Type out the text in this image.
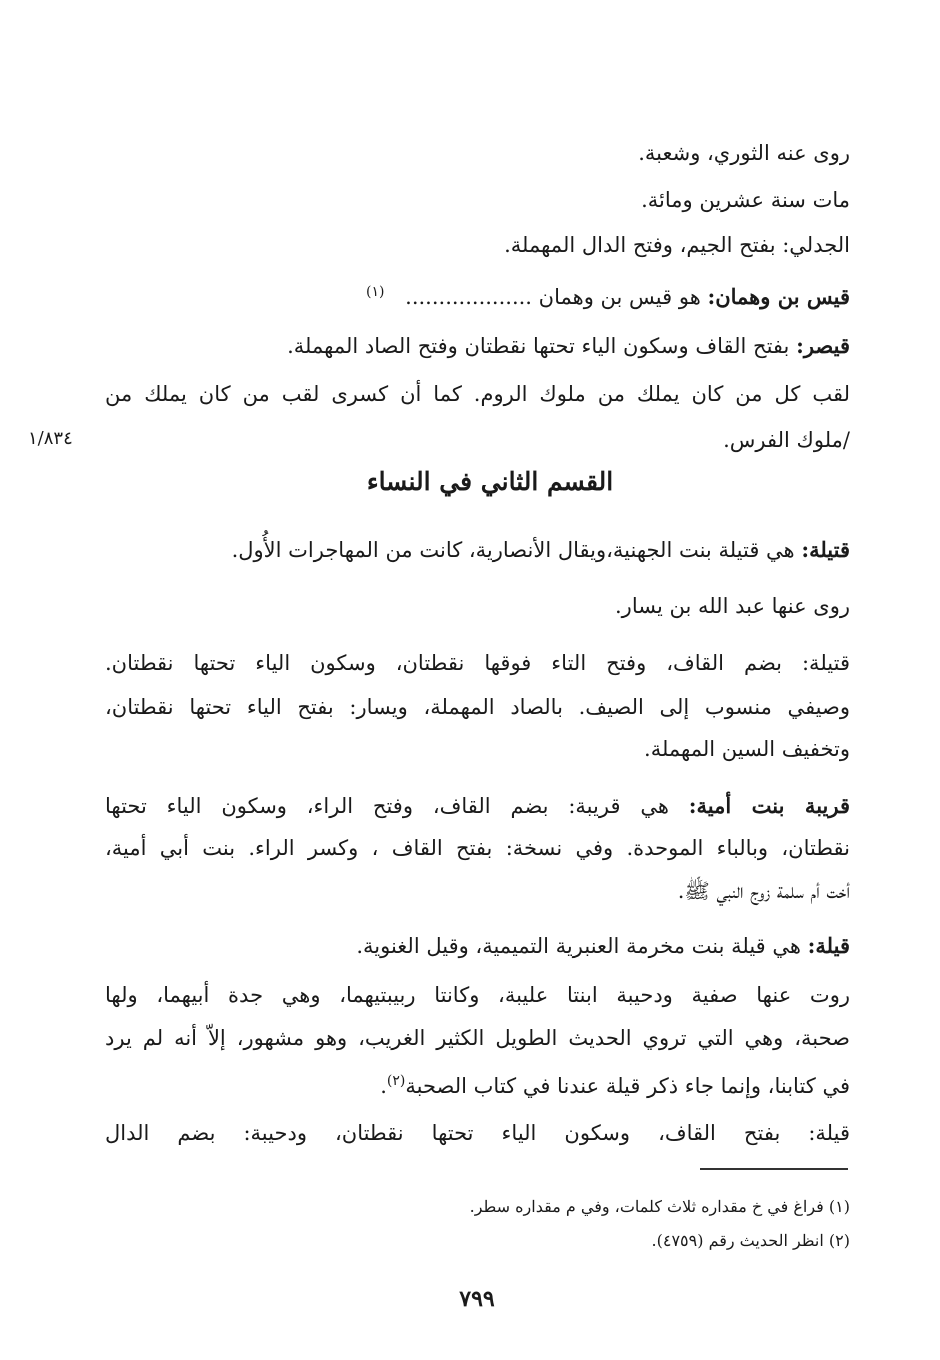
روى عنه الثوري، وشعبة.
مات سنة عشرين ومائة.
الجدلي: بفتح الجيم، وفتح الدال المهملة.
قيس بن وهمان: هو قيس بن وهمان ................... $^{(١)}$
قيصر: بفتح القاف وسكون الياء تحتها نقطتان وفتح الصاد المهملة.
لقب كل من كان يملك من ملوك الروم. كما أن كسرى لقب من كان يملك من
/ملوك الفرس.
١/٨٣٤
القسم الثاني في النساء
قتيلة: هي قتيلة بنت الجهنية،ويقال الأنصارية، كانت من المهاجرات الأُول.
روى عنها عبد الله بن يسار.
قتيلة: بضم القاف، وفتح التاء فوقها نقطتان، وسكون الياء تحتها نقطتان.
وصيفي منسوب إلى الصيف. بالصاد المهملة، ويسار: بفتح الياء تحتها نقطتان،
وتخفيف السين المهملة.
قريبة بنت أمية: هي قريبة: بضم القاف، وفتح الراء، وسكون الياء تحتها
نقطتان، وبالباء الموحدة. وفي نسخة: بفتح القاف ، وكسر الراء. بنت أبي أمية،
أخت أم سلمة زوج النبي ﷺ.
قيلة: هي قيلة بنت مخرمة العنبرية التميمية، وقيل الغنوية.
روت عنها صفية ودحيبة ابنتا عليبة، وكانتا ربيبتيهما، وهي جدة أبيهما، ولها
صحبة، وهي التي تروي الحديث الطويل الكثير الغريب، وهو مشهور، إلاّ أنه لم يرد
في كتابنا، وإنما جاء ذكر قيلة عندنا في كتاب الصحبة$^{(٢)}$.
قيلة: بفتح القاف، وسكون الياء تحتها نقطتان، ودحيبة: بضم الدال
(١) فراغ في خ مقداره ثلاث كلمات، وفي م مقداره سطر.
(٢) انظر الحديث رقم (٤٧٥٩).
٧٩٩
